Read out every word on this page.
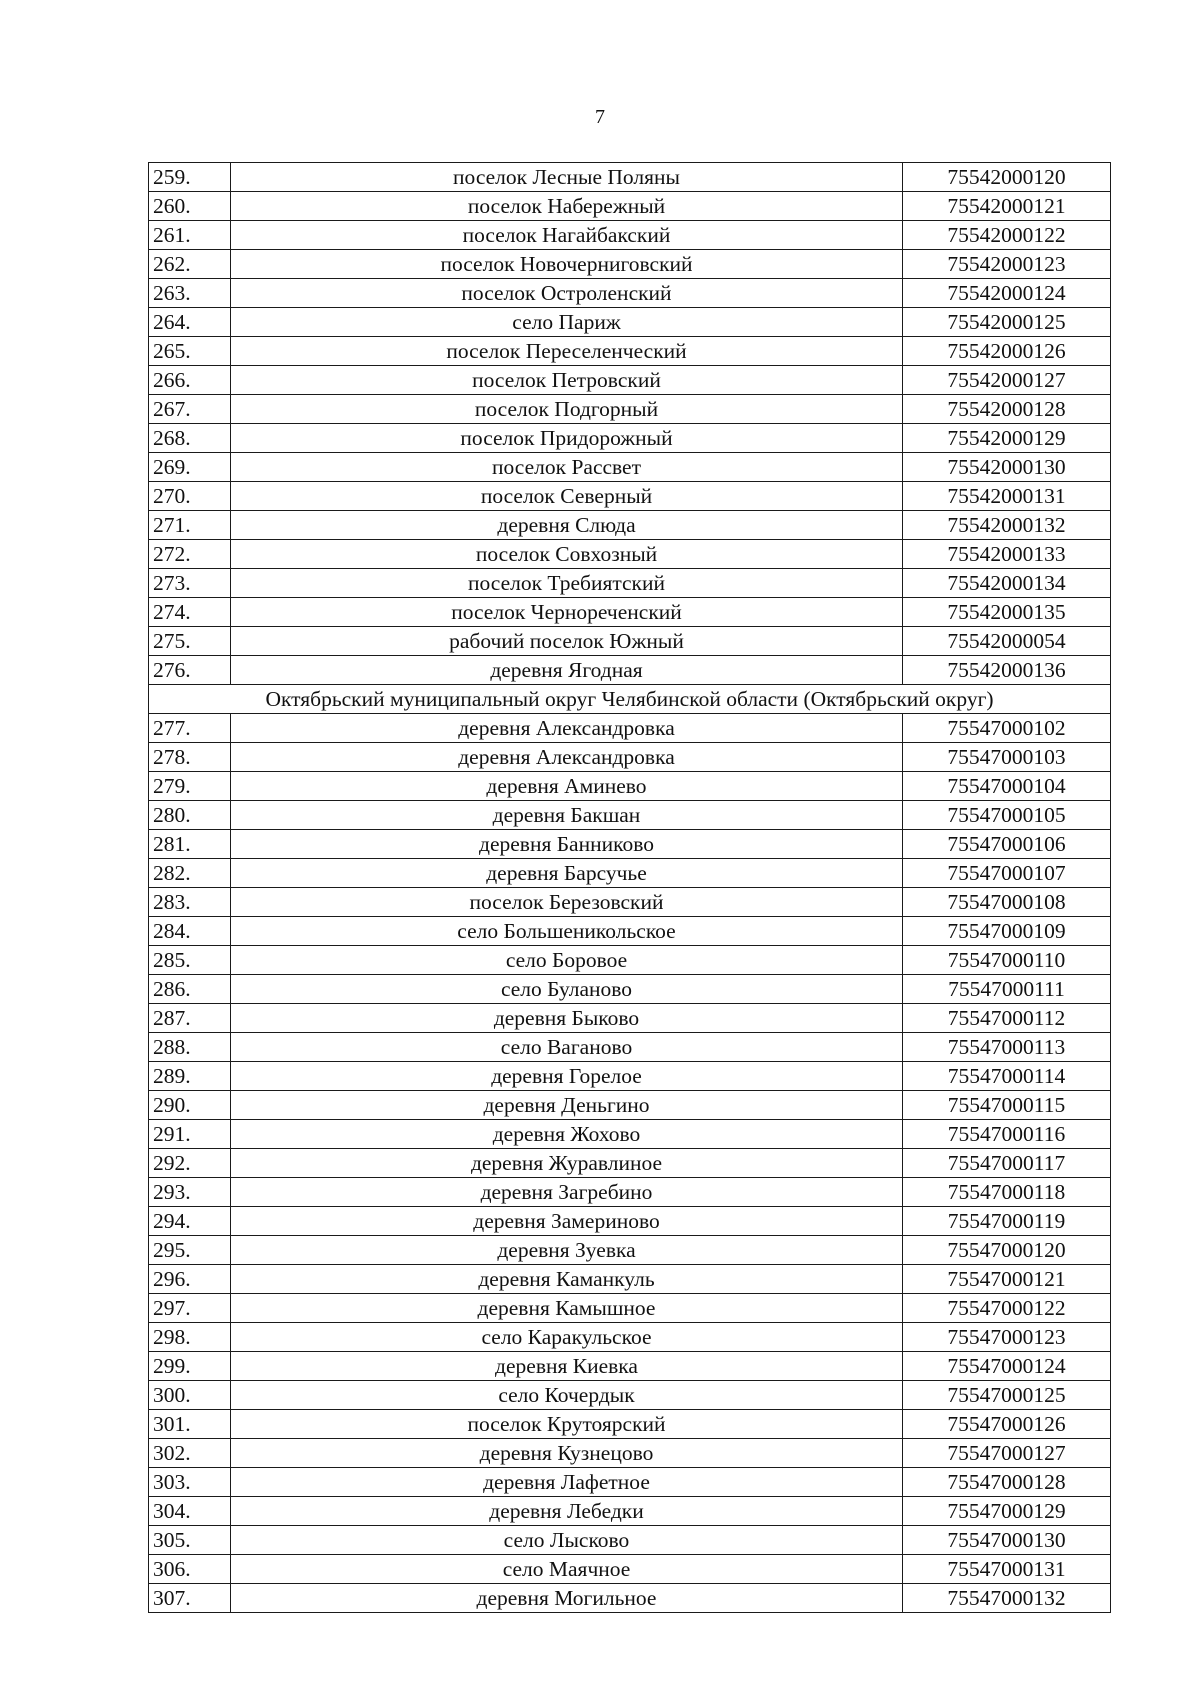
7
259.	поселок Лесные Поляны	75542000120
260.	поселок Набережный	75542000121
261.	поселок Нагайбакский	75542000122
262.	поселок Новочерниговский	75542000123
263.	поселок Остроленский	75542000124
264.	село Париж	75542000125
265.	поселок Переселенческий	75542000126
266.	поселок Петровский	75542000127
267.	поселок Подгорный	75542000128
268.	поселок Придорожный	75542000129
269.	поселок Рассвет	75542000130
270.	поселок Северный	75542000131
271.	деревня Слюда	75542000132
272.	поселок Совхозный	75542000133
273.	поселок Требиятский	75542000134
274.	поселок Чернореченский	75542000135
275.	рабочий поселок Южный	75542000054
276.	деревня Ягодная	75542000136
Октябрьский муниципальный округ Челябинской области (Октябрьский округ)		
277.	деревня Александровка	75547000102
278.	деревня Александровка	75547000103
279.	деревня Аминево	75547000104
280.	деревня Бакшан	75547000105
281.	деревня Банниково	75547000106
282.	деревня Барсучье	75547000107
283.	поселок Березовский	75547000108
284.	село Большеникольское	75547000109
285.	село Боровое	75547000110
286.	село Буланово	75547000111
287.	деревня Быково	75547000112
288.	село Ваганово	75547000113
289.	деревня Горелое	75547000114
290.	деревня Деньгино	75547000115
291.	деревня Жохово	75547000116
292.	деревня Журавлиное	75547000117
293.	деревня Загребино	75547000118
294.	деревня Замериново	75547000119
295.	деревня Зуевка	75547000120
296.	деревня Каманкуль	75547000121
297.	деревня Камышное	75547000122
298.	село Каракульское	75547000123
299.	деревня Киевка	75547000124
300.	село Кочердык	75547000125
301.	поселок Крутоярский	75547000126
302.	деревня Кузнецово	75547000127
303.	деревня Лафетное	75547000128
304.	деревня Лебедки	75547000129
305.	село Лысково	75547000130
306.	село Маячное	75547000131
307.	деревня Могильное	75547000132
